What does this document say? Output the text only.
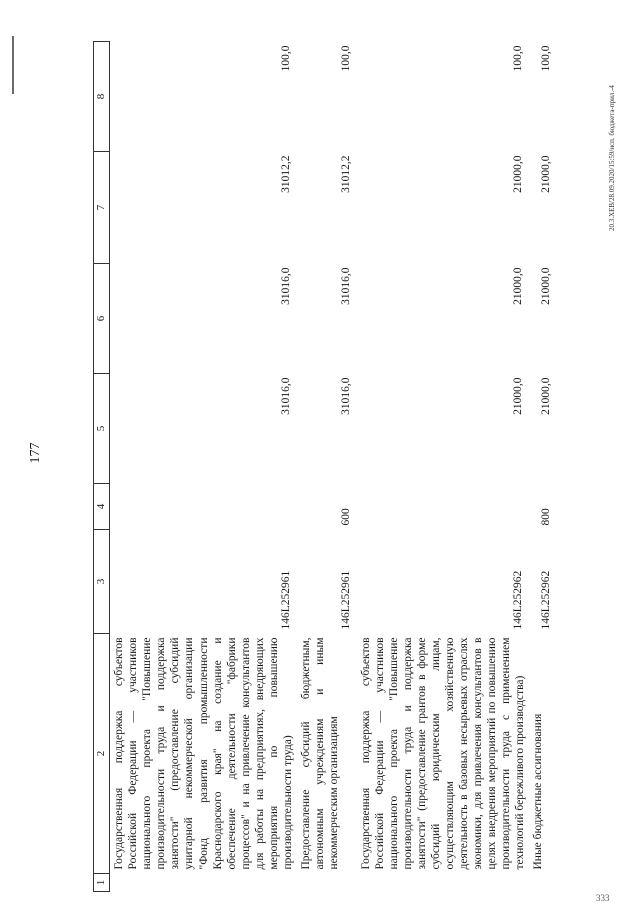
177
20.3.XEB/28.09.2020/15:59/исп. бюджета-прил.-4
333
1	2	3	4	5	6	7	8
	Государственная поддержка субъектов Российской Федерации — участников национального проекта "Повышение производительности труда и поддержка занятости" (предоставление субсидий унитарной некоммерческой организации "Фонд развития промышленности Краснодарского края" на создание и обеспечение деятельности "фабрики процессов" и на привлечение консультантов для работы на предприятиях, внедряющих мероприятия по повышению производительности труда)	146L252961		31016,0	31016,0	31012,2	100,0
	Предоставление субсидий бюджетным, автономным учреждениям и иным некоммерческим организациям	146L252961	600	31016,0	31016,0	31012,2	100,0
	Государственная поддержка субъектов Российской Федерации — участников национального проекта "Повышение производительности труда и поддержка занятости" (предоставление грантов в форме субсидий юридическим лицам, осуществляющим хозяйственную деятельность в базовых несырьевых отраслях экономики, для привлечения консультантов в целях внедрения мероприятий по повышению производительности труда с применением технологий бережливого производства)	146L252962		21000,0	21000,0	21000,0	100,0
	Иные бюджетные ассигнования	146L252962	800	21000,0	21000,0	21000,0	100,0
